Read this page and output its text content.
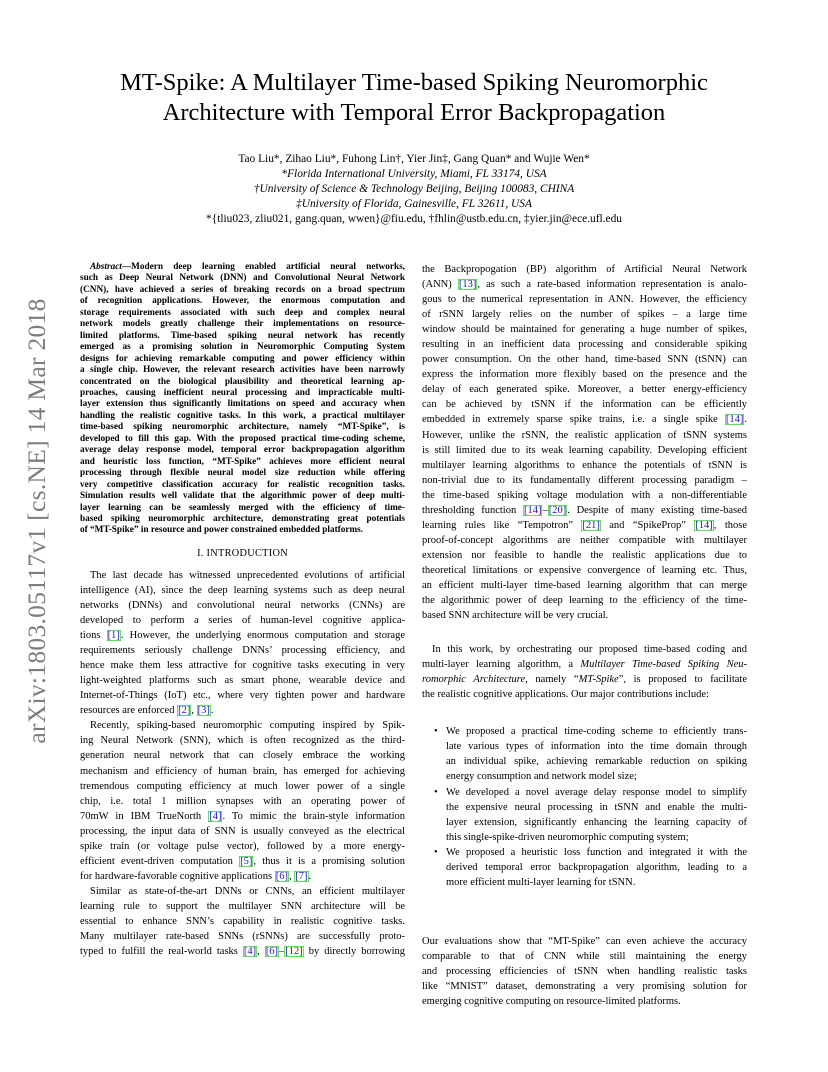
arXiv:1803.05117v1 [cs.NE] 14 Mar 2018
MT-Spike: A Multilayer Time-based Spiking Neuromorphic
Architecture with Temporal Error Backpropagation
Tao Liu*, Zihao Liu*, Fuhong Lin†, Yier Jin‡, Gang Quan* and Wujie Wen*
*Florida International University, Miami, FL 33174, USA
†University of Science & Technology Beijing, Beijing 100083, CHINA
‡University of Florida, Gainesville, FL 32611, USA
*{tliu023, zliu021, gang.quan, wwen}@fiu.edu, †fhlin@ustb.edu.cn, ‡yier.jin@ece.ufl.edu
Abstract—Modern deep learning enabled artificial neural networks,
such as Deep Neural Network (DNN) and Convolutional Neural Network
(CNN), have achieved a series of breaking records on a broad spectrum
of recognition applications. However, the enormous computation and
storage requirements associated with such deep and complex neural
network models greatly challenge their implementations on resource-
limited platforms. Time-based spiking neural network has recently
emerged as a promising solution in Neuromorphic Computing System
designs for achieving remarkable computing and power efficiency within
a single chip. However, the relevant research activities have been narrowly
concentrated on the biological plausibility and theoretical learning ap-
proaches, causing inefficient neural processing and impracticable multi-
layer extension thus significantly limitations on speed and accuracy when
handling the realistic cognitive tasks. In this work, a practical multilayer
time-based spiking neuromorphic architecture, namely “MT-Spike”, is
developed to fill this gap. With the proposed practical time-coding scheme,
average delay response model, temporal error backpropagation algorithm
and heuristic loss function, “MT-Spike” achieves more efficient neural
processing through flexible neural model size reduction while offering
very competitive classification accuracy for realistic recognition tasks.
Simulation results well validate that the algorithmic power of deep multi-
layer learning can be seamlessly merged with the efficiency of time-
based spiking neuromorphic architecture, demonstrating great potentials
of “MT-Spike” in resource and power constrained embedded platforms.
I. INTRODUCTION
The last decade has witnessed unprecedented evolutions of artificial
intelligence (AI), since the deep learning systems such as deep neural
networks (DNNs) and convolutional neural networks (CNNs) are
developed to perform a series of human-level cognitive applica-
tions [1]. However, the underlying enormous computation and storage
requirements seriously challenge DNNs’ processing efficiency, and
hence make them less attractive for cognitive tasks executing in very
light-weighted platforms such as smart phone, wearable device and
Internet-of-Things (IoT) etc., where very tighten power and hardware
resources are enforced [2], [3].
Recently, spiking-based neuromorphic computing inspired by Spik-
ing Neural Network (SNN), which is often recognized as the third-
generation neural network that can closely embrace the working
mechanism and efficiency of human brain, has emerged for achieving
tremendous computing efficiency at much lower power of a single
chip, i.e. total 1 million synapses with an operating power of
70mW in IBM TrueNorth [4]. To mimic the brain-style information
processing, the input data of SNN is usually conveyed as the electrical
spike train (or voltage pulse vector), followed by a more energy-
efficient event-driven computation [5], thus it is a promising solution
for hardware-favorable cognitive applications [6], [7].
Similar as state-of-the-art DNNs or CNNs, an efficient multilayer
learning rule to support the multilayer SNN architecture will be
essential to enhance SNN’s capability in realistic cognitive tasks.
Many multilayer rate-based SNNs (rSNNs) are successfully proto-
typed to fulfill the real-world tasks [4], [6]–[12] by directly borrowing
the Backpropogation (BP) algorithm of Artificial Neural Network
(ANN) [13], as such a rate-based information representation is analo-
gous to the numerical representation in ANN. However, the efficiency
of rSNN largely relies on the number of spikes – a large time
window should be maintained for generating a huge number of spikes,
resulting in an inefficient data processing and considerable spiking
power consumption. On the other hand, time-based SNN (tSNN) can
express the information more flexibly based on the presence and the
delay of each generated spike. Moreover, a better energy-efficiency
can be achieved by tSNN if the information can be efficiently
embedded in extremely sparse spike trains, i.e. a single spike [14].
However, unlike the rSNN, the realistic application of tSNN systems
is still limited due to its weak learning capability. Developing efficient
multilayer learning algorithms to enhance the potentials of tSNN is
non-trivial due to its fundamentally different processing paradigm –
the time-based spiking voltage modulation with a non-differentiable
thresholding function [14]–[20]. Despite of many existing time-based
learning rules like “Tempotron” [21] and “SpikeProp” [14], those
proof-of-concept algorithms are neither compatible with multilayer
extension nor feasible to handle the realistic applications due to
theoretical limitations or expensive convergence of learning etc. Thus,
an efficient multi-layer time-based learning algorithm that can merge
the algorithmic power of deep learning to the efficiency of the time-
based SNN architecture will be very crucial.
In this work, by orchestrating our proposed time-based coding and
multi-layer learning algorithm, a Multilayer Time-based Spiking Neu-
romorphic Architecture, namely “MT-Spike”, is proposed to facilitate
the realistic cognitive applications. Our major contributions include:
• We proposed a practical time-coding scheme to efficiently trans-
late various types of information into the time domain through
an individual spike, achieving remarkable reduction on spiking
energy consumption and network model size;
• We developed a novel average delay response model to simplify
the expensive neural processing in tSNN and enable the multi-
layer extension, significantly enhancing the learning capacity of
this single-spike-driven neuromorphic computing system;
• We proposed a heuristic loss function and integrated it with the
derived temporal error backpropagation algorithm, leading to a
more efficient multi-layer learning for tSNN.
Our evaluations show that “MT-Spike” can even achieve the accuracy
comparable to that of CNN while still maintaining the energy
and processing efficiencies of tSNN when handling realistic tasks
like “MNIST” dataset, demonstrating a very promising solution for
emerging cognitive computing on resource-limited platforms.
